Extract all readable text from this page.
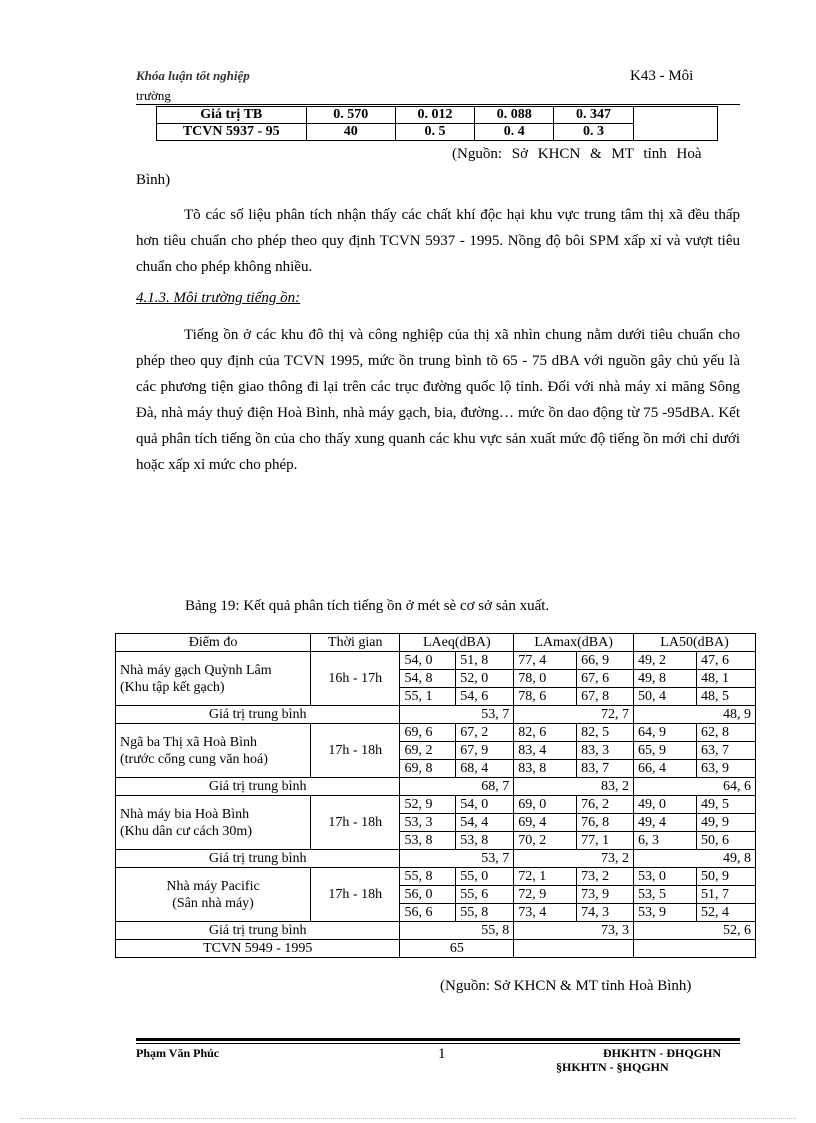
Khóa luận tốt nghiệp
trường
K43 - Môi
Giá trị TB	0. 570	0. 012	0. 088	0. 347	
TCVN 5937 - 95	40	0. 5	0. 4	0. 3	
(Nguồn: Sở KHCN & MT tỉnh Hoà
Bình)
Tõ các số liệu phân tích nhận thấy các chất khí độc hại khu vực trung tâm thị xã đều thấp hơn tiêu chuẩn cho phép theo quy định TCVN 5937 - 1995. Nồng độ bôi SPM xấp xỉ và vượt tiêu chuẩn cho phép không nhiều.
4.1.3. Môi trường tiếng ồn:
Tiếng ồn ở các khu đô thị và công nghiệp của thị xã nhìn chung nằm dưới tiêu chuẩn cho phép theo quy định của TCVN 1995, mức ồn trung bình tõ 65 - 75 dBA với nguồn gây chủ yếu là các phương tiện giao thông đi lại trên các trục đường quốc lộ tỉnh. Đối với nhà máy xi măng Sông Đà, nhà máy thuỷ điện Hoà Bình, nhà máy gạch, bia, đường… mức ồn dao động từ 75 -95dBA. Kết quả phân tích tiếng ồn của cho thấy xung quanh các khu vực sản xuất mức độ tiếng ồn mới chỉ dưới hoặc xấp xỉ mức cho phép.
Bảng 19: Kết quả phân tích tiếng ồn ở mét sè cơ sở sản xuất.
Điểm đo	Thời gian	LAeq(dBA)		LAmax(dBA)		LA50(dBA)	

Nhà máy gạch Quỳnh Lâm
(Khu tập kết gạch)	16h - 17h	54, 0	51, 8	77, 4	66, 9	49, 2	47, 6
		54, 8	52, 0	78, 0	67, 6	49, 8	48, 1
		55, 1	54, 6	78, 6	67, 8	50, 4	48, 5
Giá trị trung bình		53, 7		72, 7		48, 9	

Ngã ba Thị xã Hoà Bình
(trước cổng cung văn hoá)	17h - 18h	69, 6	67, 2	82, 6	82, 5	64, 9	62, 8
		69, 2	67, 9	83, 4	83, 3	65, 9	63, 7
		69, 8	68, 4	83, 8	83, 7	66, 4	63, 9
Giá trị trung bình		68, 7		83, 2		64, 6	

Nhà máy bia Hoà Bình
(Khu dân cư cách 30m)	17h - 18h	52, 9	54, 0	69, 0	76, 2	49, 0	49, 5
		53, 3	54, 4	69, 4	76, 8	49, 4	49, 9
		53, 8	53, 8	70, 2	77, 1	6, 3	50, 6
Giá trị trung bình		53, 7		73, 2		49, 8	

Nhà máy Pacific
(Sân nhà máy)	17h - 18h	55, 8	55, 0	72, 1	73, 2	53, 0	50, 9
		56, 0	55, 6	72, 9	73, 9	53, 5	51, 7
		56, 6	55, 8	73, 4	74, 3	53, 9	52, 4
Giá trị trung bình		55, 8		73, 3		52, 6	
TCVN 5949 - 1995		65					
(Nguồn: Sở KHCN & MT tỉnh Hoà Bình)
Phạm Văn Phúc	1	ĐHKHTN - ĐHQGHN
§HKHTN - §HQGHN
